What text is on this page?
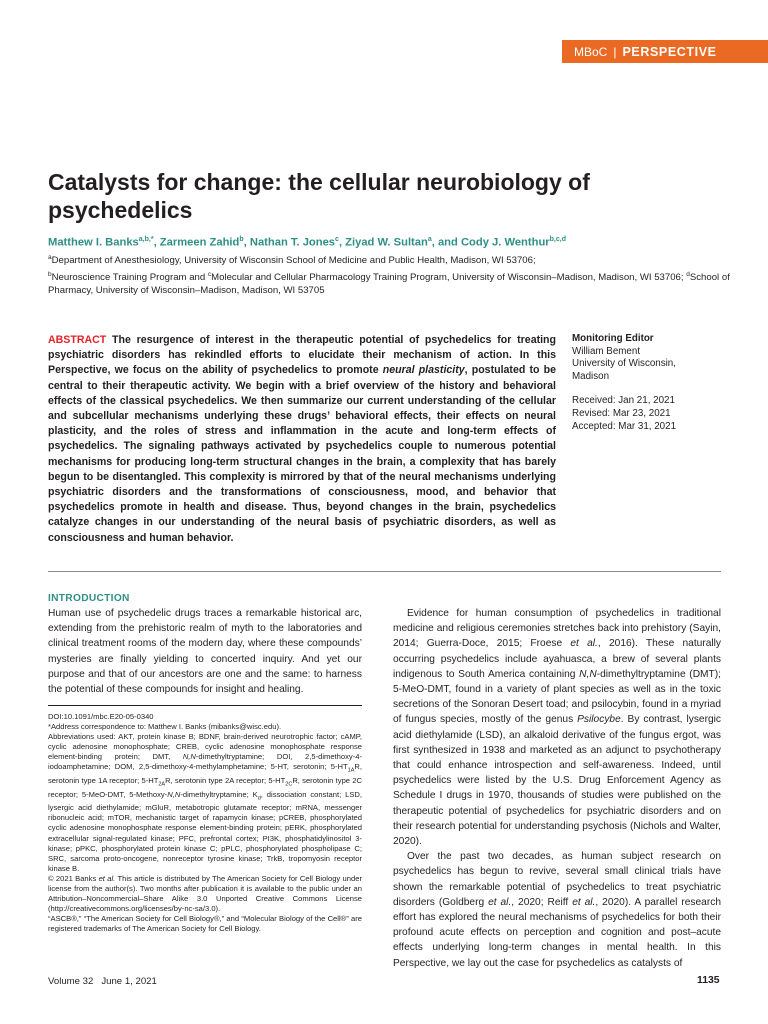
MBoC | PERSPECTIVE
Catalysts for change: the cellular neurobiology of psychedelics
Matthew I. Banks$^{a,b,*}$, Zarmeen Zahid$^b$, Nathan T. Jones$^c$, Ziyad W. Sultan$^a$, and Cody J. Wenthur$^{b,c,d}$
$^a$Department of Anesthesiology, University of Wisconsin School of Medicine and Public Health, Madison, WI 53706;
$^b$Neuroscience Training Program and $^c$Molecular and Cellular Pharmacology Training Program, University of Wisconsin–Madison, Madison, WI 53706; $^d$School of Pharmacy, University of Wisconsin–Madison, Madison, WI 53705
ABSTRACT The resurgence of interest in the therapeutic potential of psychedelics for treating psychiatric disorders has rekindled efforts to elucidate their mechanism of action. In this Perspective, we focus on the ability of psychedelics to promote neural plasticity, postulated to be central to their therapeutic activity. We begin with a brief overview of the history and behavioral effects of the classical psychedelics. We then summarize our current understanding of the cellular and subcellular mechanisms underlying these drugs’ behavioral effects, their effects on neural plasticity, and the roles of stress and inflammation in the acute and long-term effects of psychedelics. The signaling pathways activated by psychedelics couple to numerous potential mechanisms for producing long-term structural changes in the brain, a complexity that has barely begun to be disentangled. This complexity is mirrored by that of the neural mechanisms underlying psychiatric disorders and the transformations of consciousness, mood, and behavior that psychedelics promote in health and disease. Thus, beyond changes in the brain, psychedelics catalyze changes in our understanding of the neural basis of psychiatric disorders, as well as consciousness and human behavior.
Monitoring Editor
William Bement
University of Wisconsin,
Madison
Received: Jan 21, 2021
Revised: Mar 23, 2021
Accepted: Mar 31, 2021
INTRODUCTION
Human use of psychedelic drugs traces a remarkable historical arc, extending from the prehistoric realm of myth to the laboratories and clinical treatment rooms of the modern day, where these compounds’ mysteries are finally yielding to concerted inquiry. And yet our purpose and that of our ancestors are one and the same: to harness the potential of these compounds for insight and healing.

DOI:10.1091/mbc.E20-05-0340

*Address correspondence to: Matthew I. Banks (mibanks@wisc.edu).

Abbreviations used: AKT, protein kinase B; BDNF, brain-derived neurotrophic factor; cAMP, cyclic adenosine monophosphate; CREB, cyclic adenosine monophosphate response element-binding protein; DMT, N,N-dimethyltryptamine; DOI, 2,5-dimethoxy-4-iodoamphetamine; DOM, 2,5-dimethoxy-4-methylamphetamine; 5-HT, serotonin; $5-HT_{1A}R$, serotonin type 1A receptor; $5-HT_{2A}R$, serotonin type 2A receptor; $5-HT_{2C}R$, serotonin type 2C receptor; 5-MeO-DMT, 5-Methoxy-N,N-dimethyltryptamine; $K_d$, dissociation constant; LSD, lysergic acid diethylamide; mGluR, metabotropic glutamate receptor; mRNA, messenger ribonucleic acid; mTOR, mechanistic target of rapamycin kinase; pCREB, phosphorylated cyclic adenosine monophosphate response element-binding protein; pERK, phosphorylated extracellular signal-regulated kinase; PFC, prefrontal cortex; PI3K, phosphatidylinositol 3-kinase; pPKC, phosphorylated protein kinase C; pPLC, phosphorylated phospholipase C; SRC, sarcoma proto-oncogene, nonreceptor tyrosine kinase; TrkB, tropomyosin receptor kinase B.

© 2021 Banks et al. This article is distributed by The American Society for Cell Biology under license from the author(s). Two months after publication it is available to the public under an Attribution–Noncommercial–Share Alike 3.0 Unported Creative Commons License (http://creativecommons.org/licenses/by-nc-sa/3.0).

“ASCB®,” “The American Society for Cell Biology®,” and “Molecular Biology of the Cell®” are registered trademarks of The American Society for Cell Biology.

Evidence for human consumption of psychedelics in traditional medicine and religious ceremonies stretches back into prehistory (Sayin, 2014; Guerra-Doce, 2015; Froese et al., 2016). These naturally occurring psychedelics include ayahuasca, a brew of several plants indigenous to South America containing N,N-dimethyltryptamine (DMT); 5-MeO-DMT, found in a variety of plant species as well as in the toxic secretions of the Sonoran Desert toad; and psilocybin, found in a myriad of fungus species, mostly of the genus Psilocybe. By contrast, lysergic acid diethylamide (LSD), an alkaloid derivative of the fungus ergot, was first synthesized in 1938 and marketed as an adjunct to psychotherapy that could enhance introspection and self-awareness. Indeed, until psychedelics were listed by the U.S. Drug Enforcement Agency as Schedule I drugs in 1970, thousands of studies were published on the therapeutic potential of psychedelics for psychiatric disorders and on their research potential for understanding psychosis (Nichols and Walter, 2020).

Over the past two decades, as human subject research on psychedelics has begun to revive, several small clinical trials have shown the remarkable potential of psychedelics to treat psychiatric disorders (Goldberg et al., 2020; Reiff et al., 2020). A parallel research effort has explored the neural mechanisms of psychedelics for both their profound acute effects on perception and cognition and post–acute effects underlying long-term changes in mental health. In this Perspective, we lay out the case for psychedelics as catalysts of

Volume 32 June 1, 2021	1135
